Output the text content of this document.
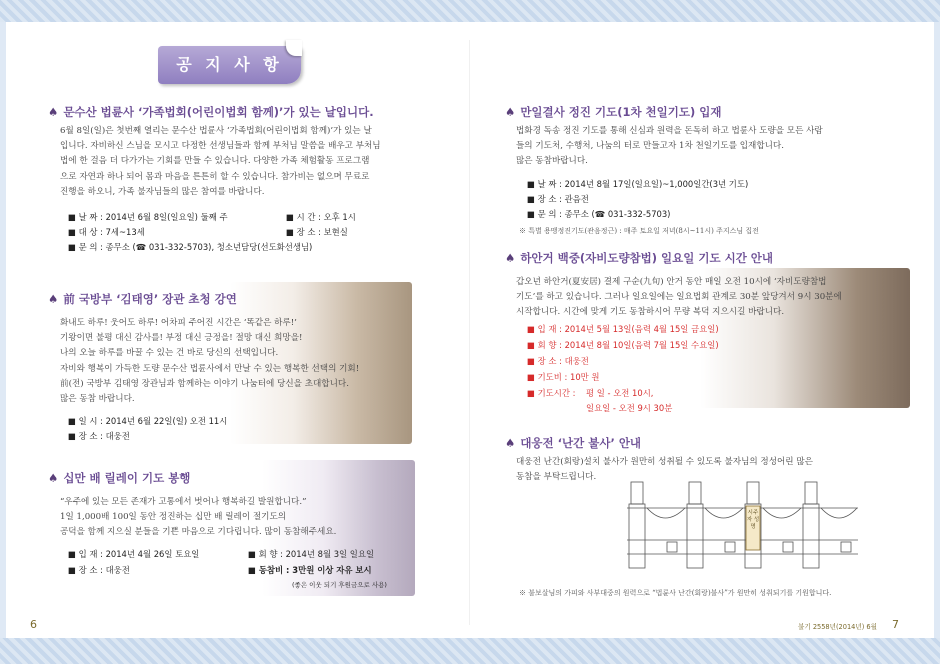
공 지 사 항
♠ 문수산 법륜사 ‘가족법회(어린이법회 함께)’가 있는 날입니다.
6월 8일(일)은 첫번째 열리는 문수산 법륜사 ‘가족법회(어린이법회 함께)’가 있는 날
입니다. 자비하신 스님을 모시고 다정한 선생님들과 함께 부처님 말씀을 배우고 부처님
법에 한 걸음 더 다가가는 기회를 만들 수 있습니다. 다양한 가족 체험활동 프로그램
으로 자연과 하나 되어 몸과 마음을 튼튼히 할 수 있습니다. 참가비는 없으며 무료로
진행을 하오니, 가족 불자님들의 많은 참여를 바랍니다.
■ 날 짜 : 2014년 6월 8일(일요일) 둘째 주	■ 시 간 : 오후 1시
■ 대 상 : 7세~13세	■ 장 소 : 보현실
■ 문 의 : 종무소 (☎ 031-332-5703), 청소년담당(선도화선생님)
♠ 前 국방부 ‘김태영’ 장관 초청 강연
화내도 하루! 웃어도 하루! 어차피 주어진 시간은 ‘똑같은 하루!’
기왕이면 불평 대신 감사를! 부정 대신 긍정을! 절망 대신 희망을!
나의 오늘 하루를 바꿀 수 있는 건 바로 당신의 선택입니다.
자비와 행복이 가득한 도량 문수산 법륜사에서 만날 수 있는 행복한 선택의 기회!
前(전) 국방부 김태영 장관님과 함께하는 이야기 나눔터에 당신을 초대합니다.
많은 동참 바랍니다.
■ 일 시 : 2014년 6월 22일(일) 오전 11시
■ 장 소 : 대웅전
♠ 십만 배 릴레이 기도 봉행
“우주에 있는 모든 존재가 고통에서 벗어나 행복하길 발원합니다.”
1일 1,000배 100일 동안 정진하는 십만 배 릴레이 절기도의
공덕을 함께 지으실 분들을 기쁜 마음으로 기다립니다. 많이 동참해주세요.
■ 입 재 : 2014년 4월 26일 토요일	■ 회 향 : 2014년 8월 3일 일요일
■ 장 소 : 대웅전	■ 동참비 : 3만원 이상 자유 보시
(좋은 이웃 되기 후원금으로 사용)
♠ 만일결사 정진 기도(1차 천일기도) 입재
법화경 독송 정진 기도를 통해 신심과 원력을 돈독히 하고 법륜사 도량을 모든 사람
들의 기도처, 수행처, 나눔의 터로 만들고자 1차 천일기도를 입재합니다.
많은 동참바랍니다.
■ 날 짜 : 2014년 8월 17일(일요일)~1,000일간(3년 기도)
■ 장 소 : 관음전
■ 문 의 : 종무소 (☎ 031-332-5703)
※ 특별 용맹정진기도(관음정근) : 매주 토요일 저녁(8시~11시) 주지스님 집전
♠ 하안거 백중(자비도량참법) 일요일 기도 시간 안내
갑오년 하안거(夏安居) 결제 구순(九旬) 안거 동안 매일 오전 10시에 ‘자비도량참법
기도’를 하고 있습니다. 그러나 일요일에는 일요법회 관계로 30분 앞당겨서 9시 30분에
시작합니다. 시간에 맞게 기도 동참하시어 무량 복덕 지으시길 바랍니다.
■ 입 재 : 2014년 5월 13일(음력 4월 15일 금요일)
■ 회 향 : 2014년 8월 10일(음력 7월 15일 수요일)
■ 장 소 : 대웅전
■ 기도비 : 10만 원
■ 기도시간 : 평 일 - 오전 10시,
일요일 - 오전 9시 30분
♠ 대웅전 ‘난간 불사’ 안내
대웅전 난간(회랑)설치 불사가 원만히 성취될 수 있도록 불자님의 정성어린 많은
동참을 부탁드립니다.
시주자 성명
※ 불보살님의 가피와 사부대중의 원력으로 “법륜사 난간(회랑)불사”가 원만히 성취되기를 기원합니다.
6	불기 2558년(2014년) 6월 7
